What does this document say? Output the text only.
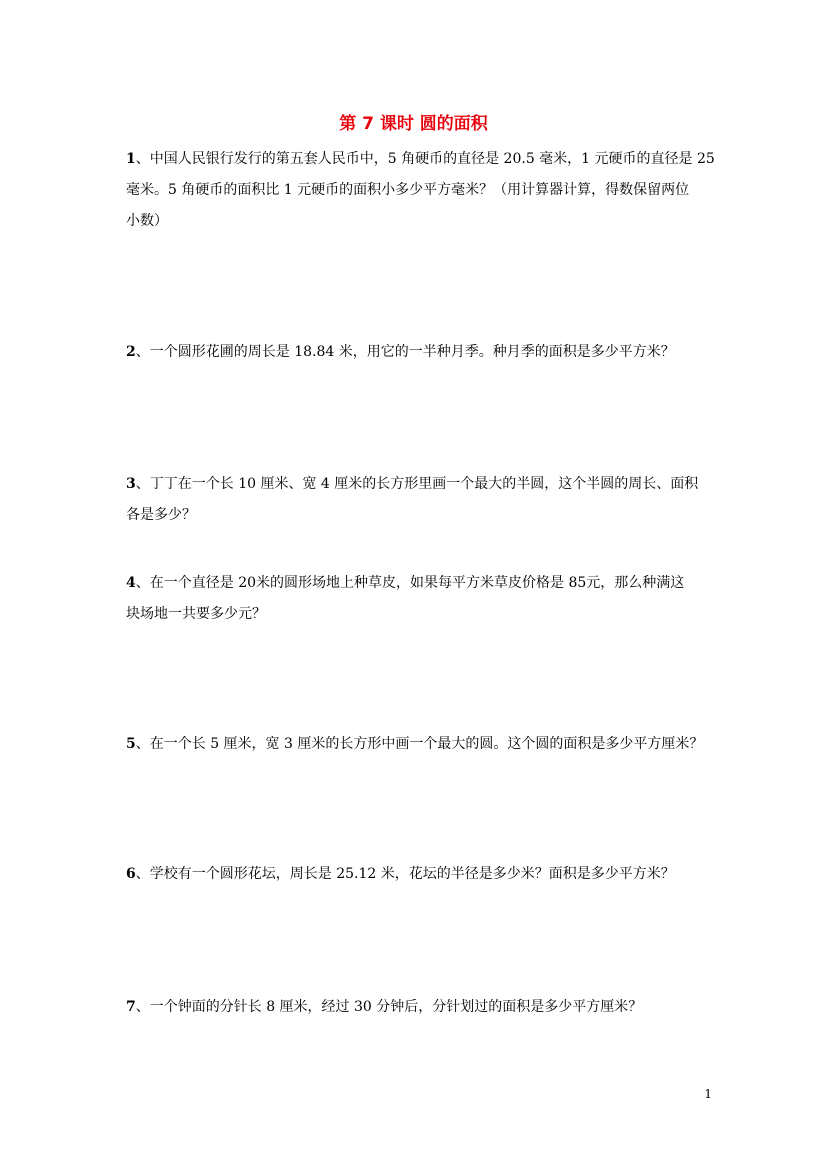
第 7 课时 圆的面积
1、中国人民银行发行的第五套人民币中，5 角硬币的直径是 20.5 毫米，1 元硬币的直径是 25
毫米。5 角硬币的面积比 1 元硬币的面积小多少平方毫米？（用计算器计算，得数保留两位
小数）
2、一个圆形花圃的周长是 18.84 米，用它的一半种月季。种月季的面积是多少平方米？
3、丁丁在一个长 10 厘米、宽 4 厘米的长方形里画一个最大的半圆，这个半圆的周长、面积
各是多少？
4、在一个直径是 20米的圆形场地上种草皮，如果每平方米草皮价格是 85元，那么种满这
块场地一共要多少元？
5、在一个长 5 厘米，宽 3 厘米的长方形中画一个最大的圆。这个圆的面积是多少平方厘米？
6、学校有一个圆形花坛，周长是 25.12 米，花坛的半径是多少米？面积是多少平方米？
7、一个钟面的分针长 8 厘米，经过 30 分钟后，分针划过的面积是多少平方厘米？
1
